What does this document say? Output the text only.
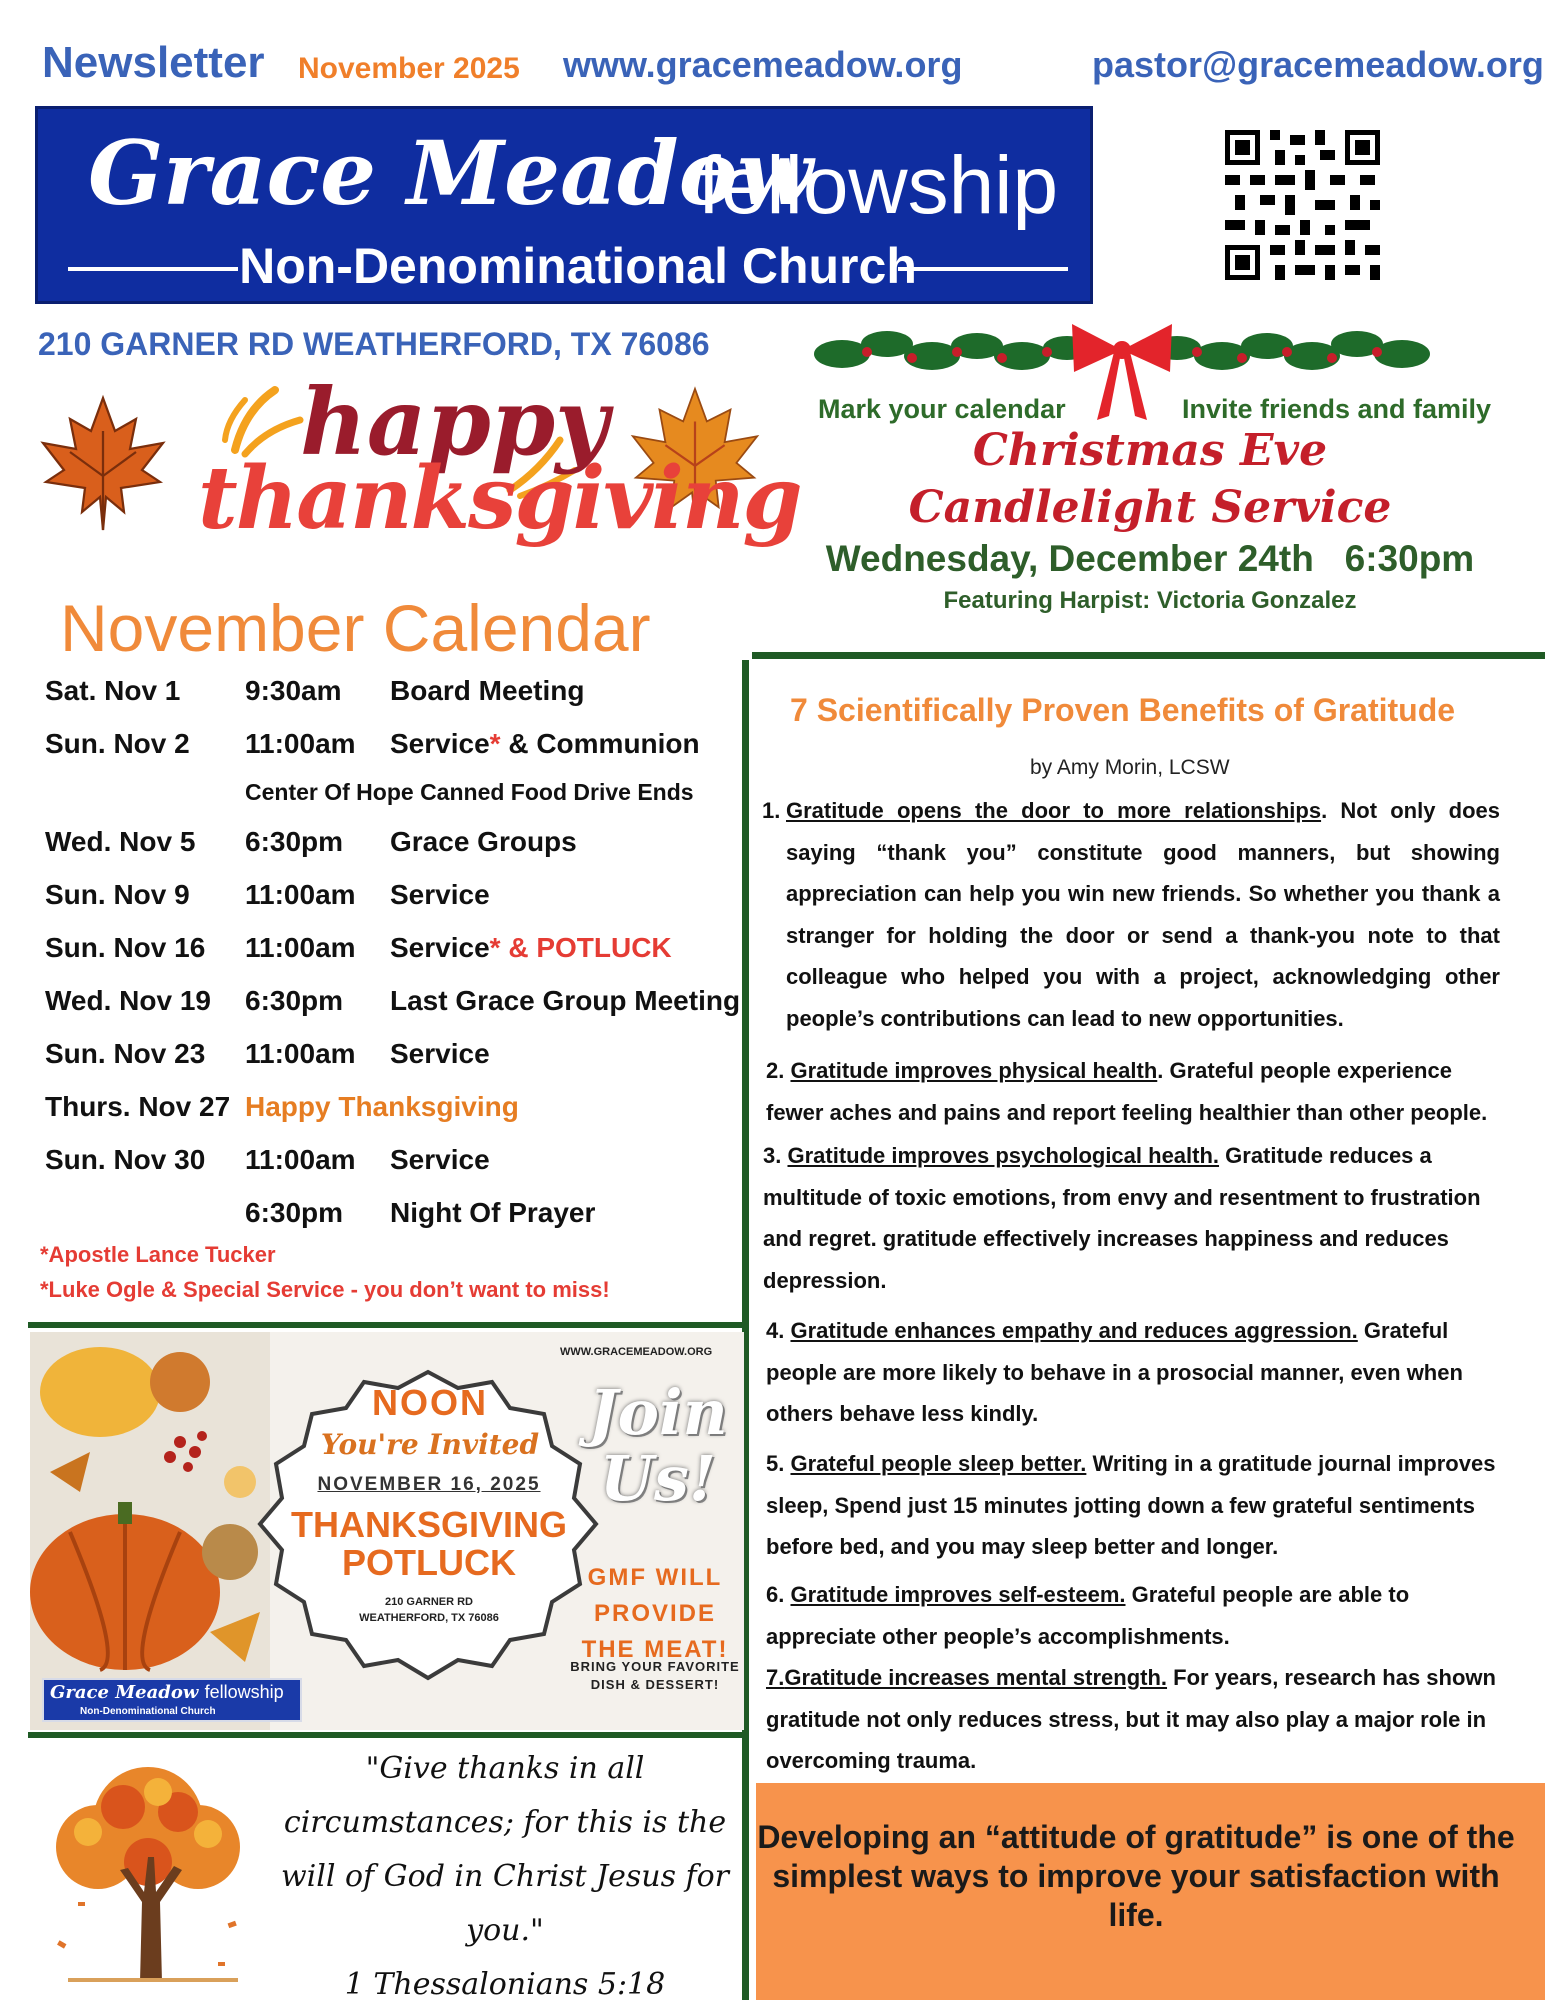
Newsletter November 2025 www.gracemeadow.org	pastor@gracemeadow.org
Grace Meadow
fellowship
Non-Denominational Church
210 GARNER RD WEATHERFORD, TX 76086
happy
thanksgiving
November Calendar
Sat. Nov 1 9:30am Board Meeting
Sun. Nov 2 11:00am Service* & Communion
Center Of Hope Canned Food Drive Ends
Wed. Nov 5 6:30pm Grace Groups
Sun. Nov 9 11:00am Service
Sun. Nov 16 11:00am Service* & POTLUCK
Wed. Nov 19 6:30pm Last Grace Group Meeting
Sun. Nov 23 11:00am Service
Thurs. Nov 27 Happy Thanksgiving
Sun. Nov 30 11:00am Service
6:30pm Night Of Prayer
*Apostle Lance Tucker
*Luke Ogle & Special Service - you don’t want to miss!
Mark your calendar	Invite friends and family
Christmas Eve
Candlelight Service
Wednesday, December 24th   6:30pm
Featuring Harpist: Victoria Gonzalez
7 Scientifically Proven Benefits of Gratitude
by Amy Morin, LCSW
1. Gratitude opens the door to more relationships. Not only does saying “thank you” constitute good manners, but showing appreciation can help you win new friends. So whether you thank a stranger for holding the door or send a thank-you note to that colleague who helped you with a project, acknowledging other people’s contributions can lead to new opportunities.
2. Gratitude improves physical health. Grateful people experience fewer aches and pains and report feeling healthier than other people.
3. Gratitude improves psychological health. Gratitude reduces a multitude of toxic emotions, from envy and resentment to frustration and regret. gratitude effectively increases happiness and reduces depression.
4. Gratitude enhances empathy and reduces aggression. Grateful people are more likely to behave in a prosocial manner, even when others behave less kindly.
5. Grateful people sleep better. Writing in a gratitude journal improves sleep, Spend just 15 minutes jotting down a few grateful sentiments before bed, and you may sleep better and longer.
6. Gratitude improves self-esteem. Grateful people are able to appreciate other people’s accomplishments.
7.Gratitude increases mental strength. For years, research has shown gratitude not only reduces stress, but it may also play a major role in overcoming trauma.
Developing an “attitude of gratitude” is one of the simplest ways to improve your satisfaction with life.
WWW.GRACEMEADOW.ORG
NOON
You're Invited
NOVEMBER 16, 2025
THANKSGIVING POTLUCK
210 GARNER RD
WEATHERFORD, TX 76086
Join Us!
GMF WILL PROVIDE THE MEAT!
BRING YOUR FAVORITE DISH & DESSERT!
Grace Meadow fellowship
Non-Denominational Church
"Give thanks in all circumstances; for this is the will of God in Christ Jesus for you."
1 Thessalonians 5:18
